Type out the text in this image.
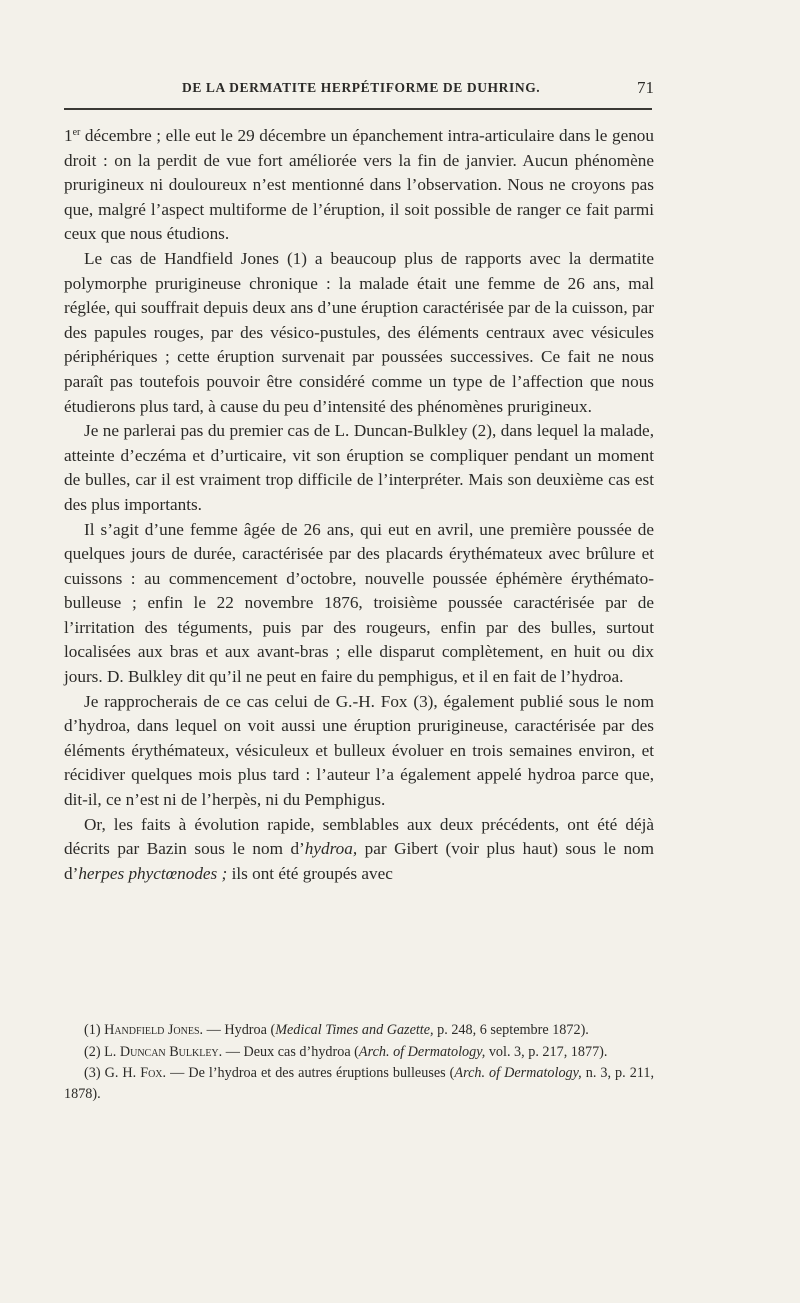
DE LA DERMATITE HERPÉTIFORME DE DUHRING.	71

1er décembre ; elle eut le 29 décembre un épanchement intra-articulaire dans le genou droit : on la perdit de vue fort améliorée vers la fin de janvier. Aucun phénomène prurigineux ni douloureux n’est mentionné dans l’observation. Nous ne croyons pas que, malgré l’aspect multiforme de l’éruption, il soit possible de ranger ce fait parmi ceux que nous étudions.

Le cas de Handfield Jones (1) a beaucoup plus de rapports avec la dermatite polymorphe prurigineuse chronique : la malade était une femme de 26 ans, mal réglée, qui souffrait depuis deux ans d’une éruption caractérisée par de la cuisson, par des papules rouges, par des vésico-pustules, des éléments centraux avec vésicules périphériques ; cette éruption survenait par poussées successives. Ce fait ne nous paraît pas toutefois pouvoir être considéré comme un type de l’affection que nous étudierons plus tard, à cause du peu d’intensité des phénomènes prurigineux.

Je ne parlerai pas du premier cas de L. Duncan-Bulkley (2), dans lequel la malade, atteinte d’eczéma et d’urticaire, vit son éruption se compliquer pendant un moment de bulles, car il est vraiment trop difficile de l’interpréter. Mais son deuxième cas est des plus importants.

Il s’agit d’une femme âgée de 26 ans, qui eut en avril, une première poussée de quelques jours de durée, caractérisée par des placards érythémateux avec brûlure et cuissons : au commencement d’octobre, nouvelle poussée éphémère érythémato-bulleuse ; enfin le 22 novembre 1876, troisième poussée caractérisée par de l’irritation des téguments, puis par des rougeurs, enfin par des bulles, surtout localisées aux bras et aux avant-bras ; elle disparut complètement, en huit ou dix jours. D. Bulkley dit qu’il ne peut en faire du pemphigus, et il en fait de l’hydroa.

Je rapprocherais de ce cas celui de G.-H. Fox (3), également publié sous le nom d’hydroa, dans lequel on voit aussi une éruption prurigineuse, caractérisée par des éléments érythémateux, vésiculeux et bulleux évoluer en trois semaines environ, et récidiver quelques mois plus tard : l’auteur l’a également appelé hydroa parce que, dit-il, ce n’est ni de l’herpès, ni du Pemphigus.

Or, les faits à évolution rapide, semblables aux deux précédents, ont été déjà décrits par Bazin sous le nom d’hydroa, par Gibert (voir plus haut) sous le nom d’herpes phyctœnodes ; ils ont été groupés avec

(1) Handfield Jones. — Hydroa (Medical Times and Gazette, p. 248, 6 septembre 1872).

(2) L. Duncan Bulkley. — Deux cas d’hydroa (Arch. of Dermatology, vol. 3, p. 217, 1877).

(3) G. H. Fox. — De l’hydroa et des autres éruptions bulleuses (Arch. of Dermatology, n. 3, p. 211, 1878).
